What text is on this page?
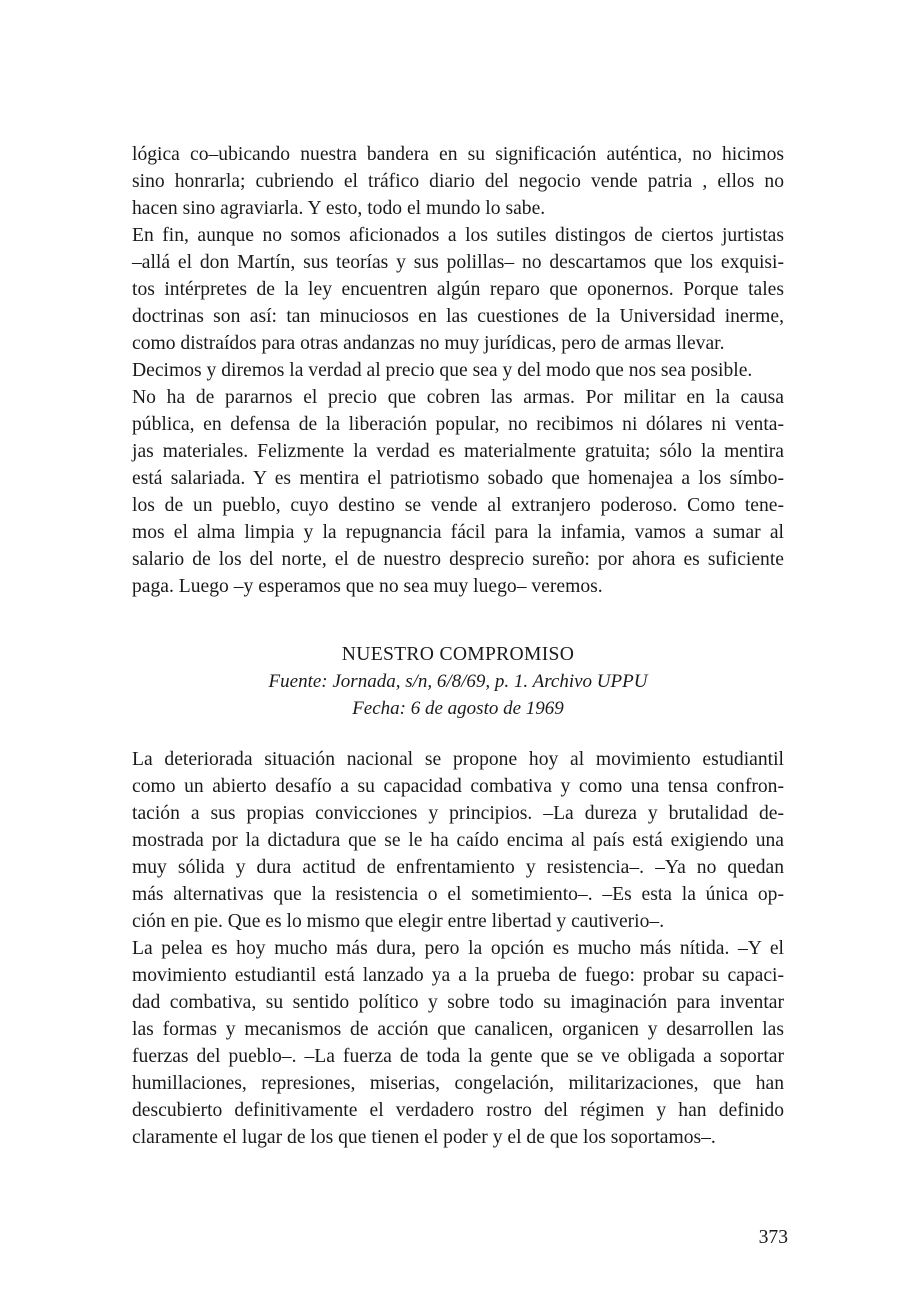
lógica co–ubicando nuestra bandera en su significación auténtica, no hicimos
sino honrarla; cubriendo el tráfico diario del negocio vende patria , ellos no
hacen sino agraviarla. Y esto, todo el mundo lo sabe.
En fin, aunque no somos aficionados a los sutiles distingos de ciertos jurtistas
–allá el don Martín, sus teorías y sus polillas– no descartamos que los exquisi-
tos intérpretes de la ley encuentren algún reparo que oponernos. Porque tales
doctrinas son así: tan minuciosos en las cuestiones de la Universidad inerme,
como distraídos para otras andanzas no muy jurídicas, pero de armas llevar.
Decimos y diremos la verdad al precio que sea y del modo que nos sea posible.
No ha de pararnos el precio que cobren las armas. Por militar en la causa
pública, en defensa de la liberación popular, no recibimos ni dólares ni venta-
jas materiales. Felizmente la verdad es materialmente gratuita; sólo la mentira
está salariada. Y es mentira el patriotismo sobado que homenajea a los símbo-
los de un pueblo, cuyo destino se vende al extranjero poderoso. Como tene-
mos el alma limpia y la repugnancia fácil para la infamia, vamos a sumar al
salario de los del norte, el de nuestro desprecio sureño: por ahora es suficiente
paga. Luego –y esperamos que no sea muy luego– veremos.
NUESTRO COMPROMISO
Fuente: Jornada, s/n, 6/8/69, p. 1. Archivo UPPU
Fecha: 6 de agosto de 1969
La deteriorada situación nacional se propone hoy al movimiento estudiantil
como un abierto desafío a su capacidad combativa y como una tensa confron-
tación a sus propias convicciones y principios. –La dureza y brutalidad de-
mostrada por la dictadura que se le ha caído encima al país está exigiendo una
muy sólida y dura actitud de enfrentamiento y resistencia–. –Ya no quedan
más alternativas que la resistencia o el sometimiento–. –Es esta la única op-
ción en pie. Que es lo mismo que elegir entre libertad y cautiverio–.
La pelea es hoy mucho más dura, pero la opción es mucho más nítida. –Y el
movimiento estudiantil está lanzado ya a la prueba de fuego: probar su capaci-
dad combativa, su sentido político y sobre todo su imaginación para inventar
las formas y mecanismos de acción que canalicen, organicen y desarrollen las
fuerzas del pueblo–. –La fuerza de toda la gente que se ve obligada a soportar
humillaciones, represiones, miserias, congelación, militarizaciones, que han
descubierto definitivamente el verdadero rostro del régimen y han definido
claramente el lugar de los que tienen el poder y el de que los soportamos–.
373
